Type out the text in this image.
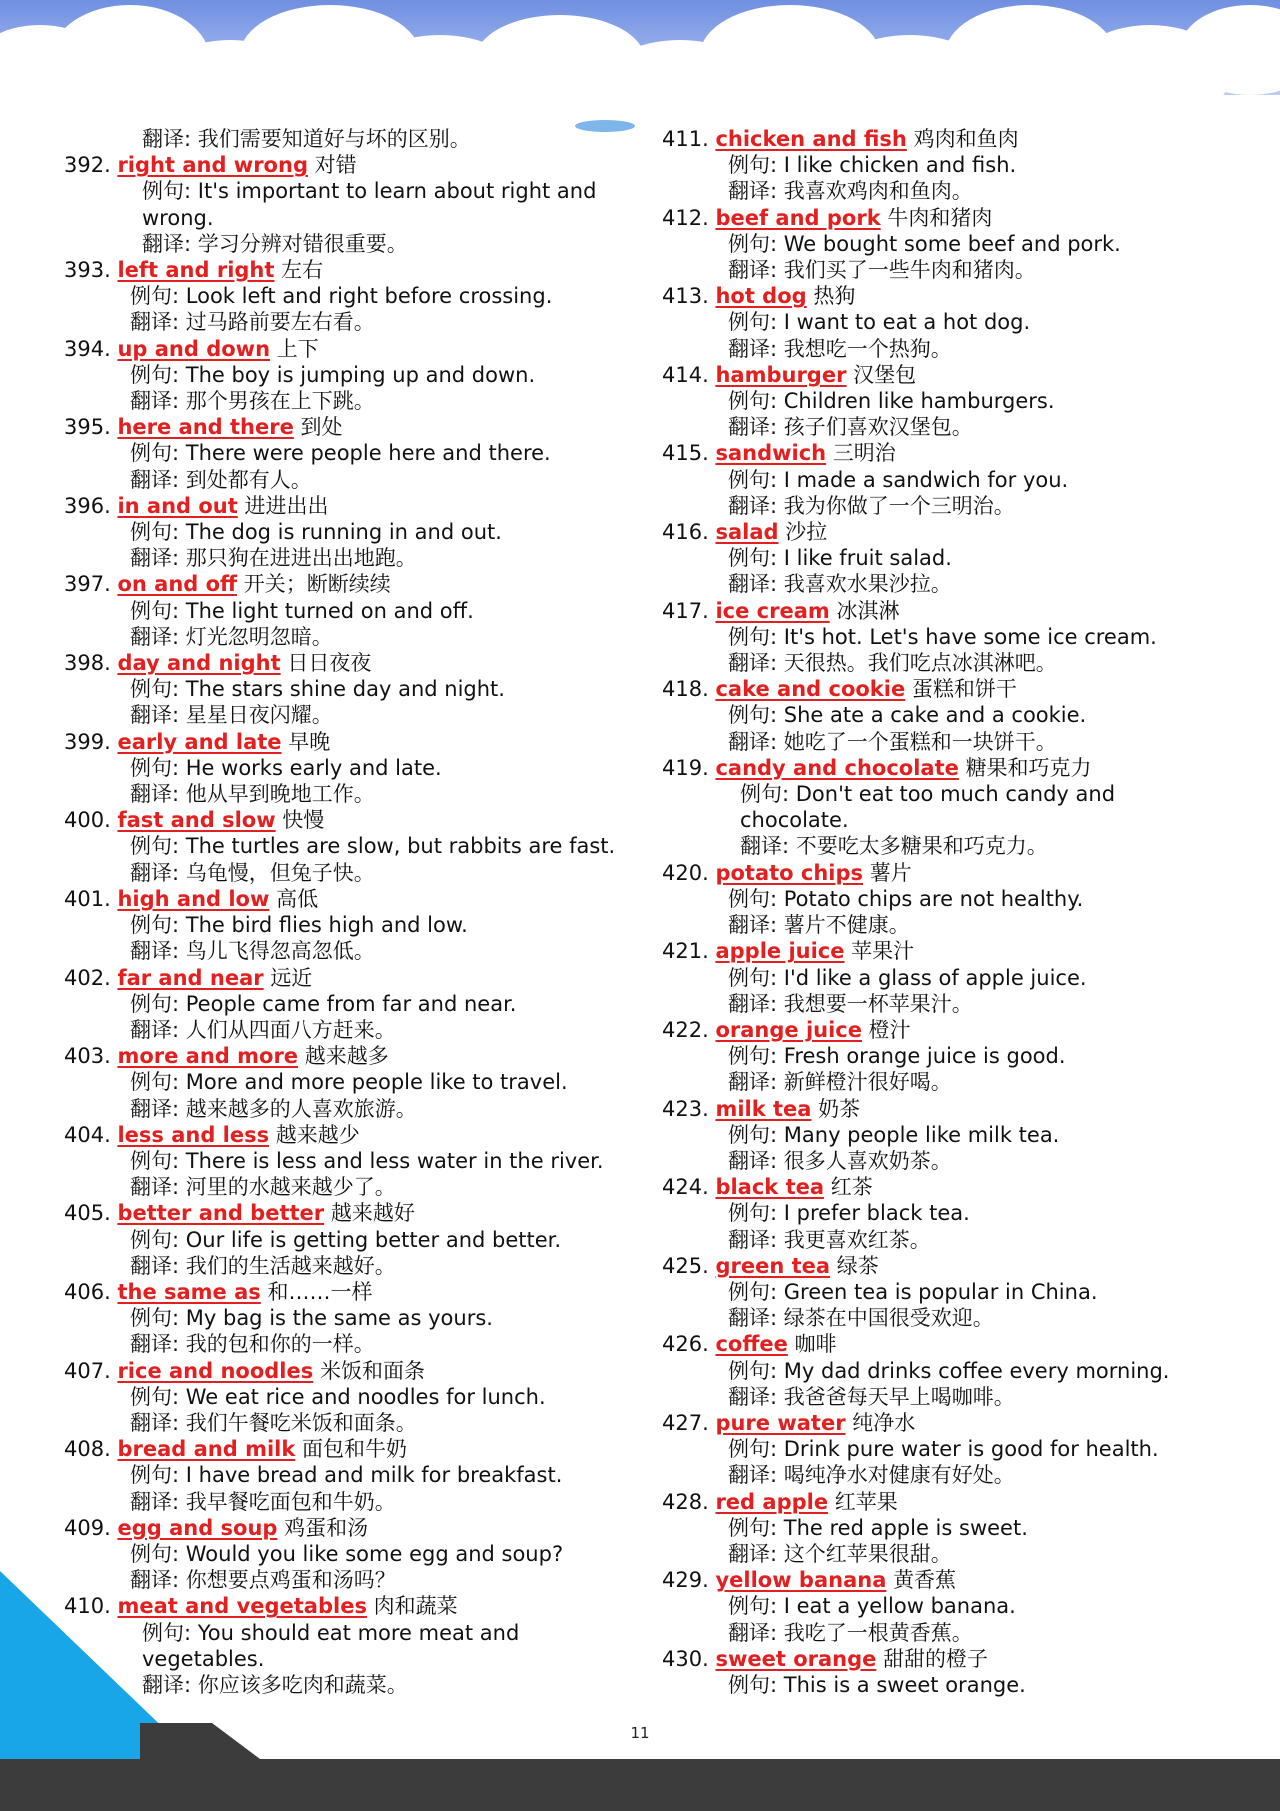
翻译: 我们需要知道好与坏的区别。
392. right and wrong 对错
例句: It's important to learn about right and
wrong.
翻译: 学习分辨对错很重要。
393. left and right 左右
例句: Look left and right before crossing.
翻译: 过马路前要左右看。
394. up and down 上下
例句: The boy is jumping up and down.
翻译: 那个男孩在上下跳。
395. here and there 到处
例句: There were people here and there.
翻译: 到处都有人。
396. in and out 进进出出
例句: The dog is running in and out.
翻译: 那只狗在进进出出地跑。
397. on and off 开关；断断续续
例句: The light turned on and off.
翻译: 灯光忽明忽暗。
398. day and night 日日夜夜
例句: The stars shine day and night.
翻译: 星星日夜闪耀。
399. early and late 早晚
例句: He works early and late.
翻译: 他从早到晚地工作。
400. fast and slow 快慢
例句: The turtles are slow, but rabbits are fast.
翻译: 乌龟慢，但兔子快。
401. high and low 高低
例句: The bird flies high and low.
翻译: 鸟儿飞得忽高忽低。
402. far and near 远近
例句: People came from far and near.
翻译: 人们从四面八方赶来。
403. more and more 越来越多
例句: More and more people like to travel.
翻译: 越来越多的人喜欢旅游。
404. less and less 越来越少
例句: There is less and less water in the river.
翻译: 河里的水越来越少了。
405. better and better 越来越好
例句: Our life is getting better and better.
翻译: 我们的生活越来越好。
406. the same as 和……一样
例句: My bag is the same as yours.
翻译: 我的包和你的一样。
407. rice and noodles 米饭和面条
例句: We eat rice and noodles for lunch.
翻译: 我们午餐吃米饭和面条。
408. bread and milk 面包和牛奶
例句: I have bread and milk for breakfast.
翻译: 我早餐吃面包和牛奶。
409. egg and soup 鸡蛋和汤
例句: Would you like some egg and soup?
翻译: 你想要点鸡蛋和汤吗？
410. meat and vegetables 肉和蔬菜
例句: You should eat more meat and
vegetables.
翻译: 你应该多吃肉和蔬菜。
411. chicken and fish 鸡肉和鱼肉
例句: I like chicken and fish.
翻译: 我喜欢鸡肉和鱼肉。
412. beef and pork 牛肉和猪肉
例句: We bought some beef and pork.
翻译: 我们买了一些牛肉和猪肉。
413. hot dog 热狗
例句: I want to eat a hot dog.
翻译: 我想吃一个热狗。
414. hamburger 汉堡包
例句: Children like hamburgers.
翻译: 孩子们喜欢汉堡包。
415. sandwich 三明治
例句: I made a sandwich for you.
翻译: 我为你做了一个三明治。
416. salad 沙拉
例句: I like fruit salad.
翻译: 我喜欢水果沙拉。
417. ice cream 冰淇淋
例句: It's hot. Let's have some ice cream.
翻译: 天很热。我们吃点冰淇淋吧。
418. cake and cookie 蛋糕和饼干
例句: She ate a cake and a cookie.
翻译: 她吃了一个蛋糕和一块饼干。
419. candy and chocolate 糖果和巧克力
例句: Don't eat too much candy and
chocolate.
翻译: 不要吃太多糖果和巧克力。
420. potato chips 薯片
例句: Potato chips are not healthy.
翻译: 薯片不健康。
421. apple juice 苹果汁
例句: I'd like a glass of apple juice.
翻译: 我想要一杯苹果汁。
422. orange juice 橙汁
例句: Fresh orange juice is good.
翻译: 新鲜橙汁很好喝。
423. milk tea 奶茶
例句: Many people like milk tea.
翻译: 很多人喜欢奶茶。
424. black tea 红茶
例句: I prefer black tea.
翻译: 我更喜欢红茶。
425. green tea 绿茶
例句: Green tea is popular in China.
翻译: 绿茶在中国很受欢迎。
426. coffee 咖啡
例句: My dad drinks coffee every morning.
翻译: 我爸爸每天早上喝咖啡。
427. pure water 纯净水
例句: Drink pure water is good for health.
翻译: 喝纯净水对健康有好处。
428. red apple 红苹果
例句: The red apple is sweet.
翻译: 这个红苹果很甜。
429. yellow banana 黄香蕉
例句: I eat a yellow banana.
翻译: 我吃了一根黄香蕉。
430. sweet orange 甜甜的橙子
例句: This is a sweet orange.
11
